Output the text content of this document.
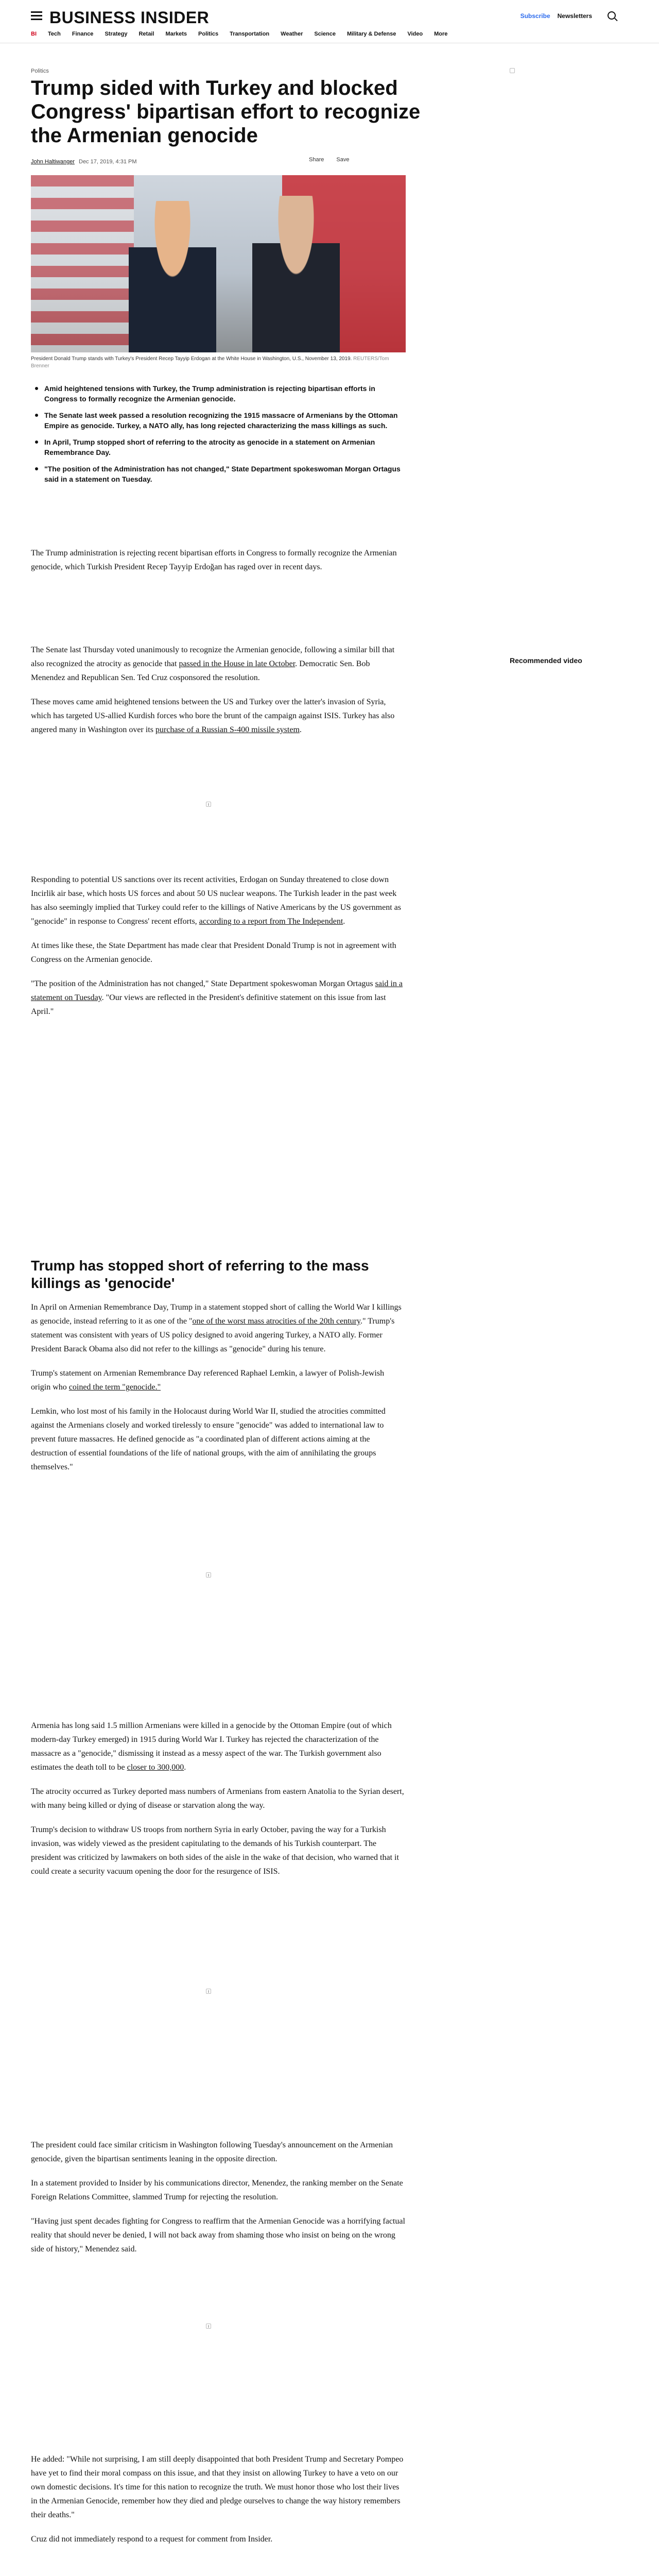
BUSINESS INSIDER	Subscribe Newsletters
BI Tech Finance Strategy Retail Markets Politics Transportation Weather Science Military & Defense Video More
Politics
Trump sided with Turkey and blocked Congress' bipartisan effort to recognize the Armenian genocide
John Haltiwanger Dec 17, 2019, 4:31 PM	Share Save
President Donald Trump stands with Turkey's President Recep Tayyip Erdogan at the White House in Washington, U.S., November 13, 2019. REUTERS/Tom Brenner
Amid heightened tensions with Turkey, the Trump administration is rejecting bipartisan efforts in Congress to formally recognize the Armenian genocide.
The Senate last week passed a resolution recognizing the 1915 massacre of Armenians by the Ottoman Empire as genocide. Turkey, a NATO ally, has long rejected characterizing the mass killings as such.
In April, Trump stopped short of referring to the atrocity as genocide in a statement on Armenian Remembrance Day.
"The position of the Administration has not changed," State Department spokeswoman Morgan Ortagus said in a statement on Tuesday.

The Trump administration is rejecting recent bipartisan efforts in Congress to formally recognize the Armenian genocide, which Turkish President Recep Tayyip Erdoğan has raged over in recent days.

The Senate last Thursday voted unanimously to recognize the Armenian genocide, following a similar bill that also recognized the atrocity as genocide that passed in the House in late October. Democratic Sen. Bob Menendez and Republican Sen. Ted Cruz cosponsored the resolution.

These moves came amid heightened tensions between the US and Turkey over the latter's invasion of Syria, which has targeted US-allied Kurdish forces who bore the brunt of the campaign against ISIS. Turkey has also angered many in Washington over its purchase of a Russian S-400 missile system.

Recommended video

Responding to potential US sanctions over its recent activities, Erdogan on Sunday threatened to close down Incirlik air base, which hosts US forces and about 50 US nuclear weapons. The Turkish leader in the past week has also seemingly implied that Turkey could refer to the killings of Native Americans by the US government as "genocide" in response to Congress' recent efforts, according to a report from The Independent.

At times like these, the State Department has made clear that President Donald Trump is not in agreement with Congress on the Armenian genocide.

"The position of the Administration has not changed," State Department spokeswoman Morgan Ortagus said in a statement on Tuesday. "Our views are reflected in the President's definitive statement on this issue from last April."

Trump has stopped short of referring to the mass killings as 'genocide'

In April on Armenian Remembrance Day, Trump in a statement stopped short of calling the World War I killings as genocide, instead referring to it as one of the "one of the worst mass atrocities of the 20th century." Trump's statement was consistent with years of US policy designed to avoid angering Turkey, a NATO ally. Former President Barack Obama also did not refer to the killings as "genocide" during his tenure.

Trump's statement on Armenian Remembrance Day referenced Raphael Lemkin, a lawyer of Polish-Jewish origin who coined the term "genocide."

Lemkin, who lost most of his family in the Holocaust during World War II, studied the atrocities committed against the Armenians closely and worked tirelessly to ensure "genocide" was added to international law to prevent future massacres. He defined genocide as "a coordinated plan of different actions aiming at the destruction of essential foundations of the life of national groups, with the aim of annihilating the groups themselves."

Armenia has long said 1.5 million Armenians were killed in a genocide by the Ottoman Empire (out of which modern-day Turkey emerged) in 1915 during World War I. Turkey has rejected the characterization of the massacre as a "genocide," dismissing it instead as a messy aspect of the war. The Turkish government also estimates the death toll to be closer to 300,000.

The atrocity occurred as Turkey deported mass numbers of Armenians from eastern Anatolia to the Syrian desert, with many being killed or dying of disease or starvation along the way.

Trump's decision to withdraw US troops from northern Syria in early October, paving the way for a Turkish invasion, was widely viewed as the president capitulating to the demands of his Turkish counterpart. The president was criticized by lawmakers on both sides of the aisle in the wake of that decision, who warned that it could create a security vacuum opening the door for the resurgence of ISIS.

The president could face similar criticism in Washington following Tuesday's announcement on the Armenian genocide, given the bipartisan sentiments leaning in the opposite direction.

In a statement provided to Insider by his communications director, Menendez, the ranking member on the Senate Foreign Relations Committee, slammed Trump for rejecting the resolution.

"Having just spent decades fighting for Congress to reaffirm that the Armenian Genocide was a horrifying factual reality that should never be denied, I will not back away from shaming those who insist on being on the wrong side of history," Menendez said.

He added: "While not surprising, I am still deeply disappointed that both President Trump and Secretary Pompeo have yet to find their moral compass on this issue, and that they insist on allowing Turkey to have a veto on our own domestic decisions. It's time for this nation to recognize the truth. We must honor those who lost their lives in the Armenian Genocide, remember how they died and pledge ourselves to change the way history remembers their deaths."

Cruz did not immediately respond to a request for comment from Insider.
